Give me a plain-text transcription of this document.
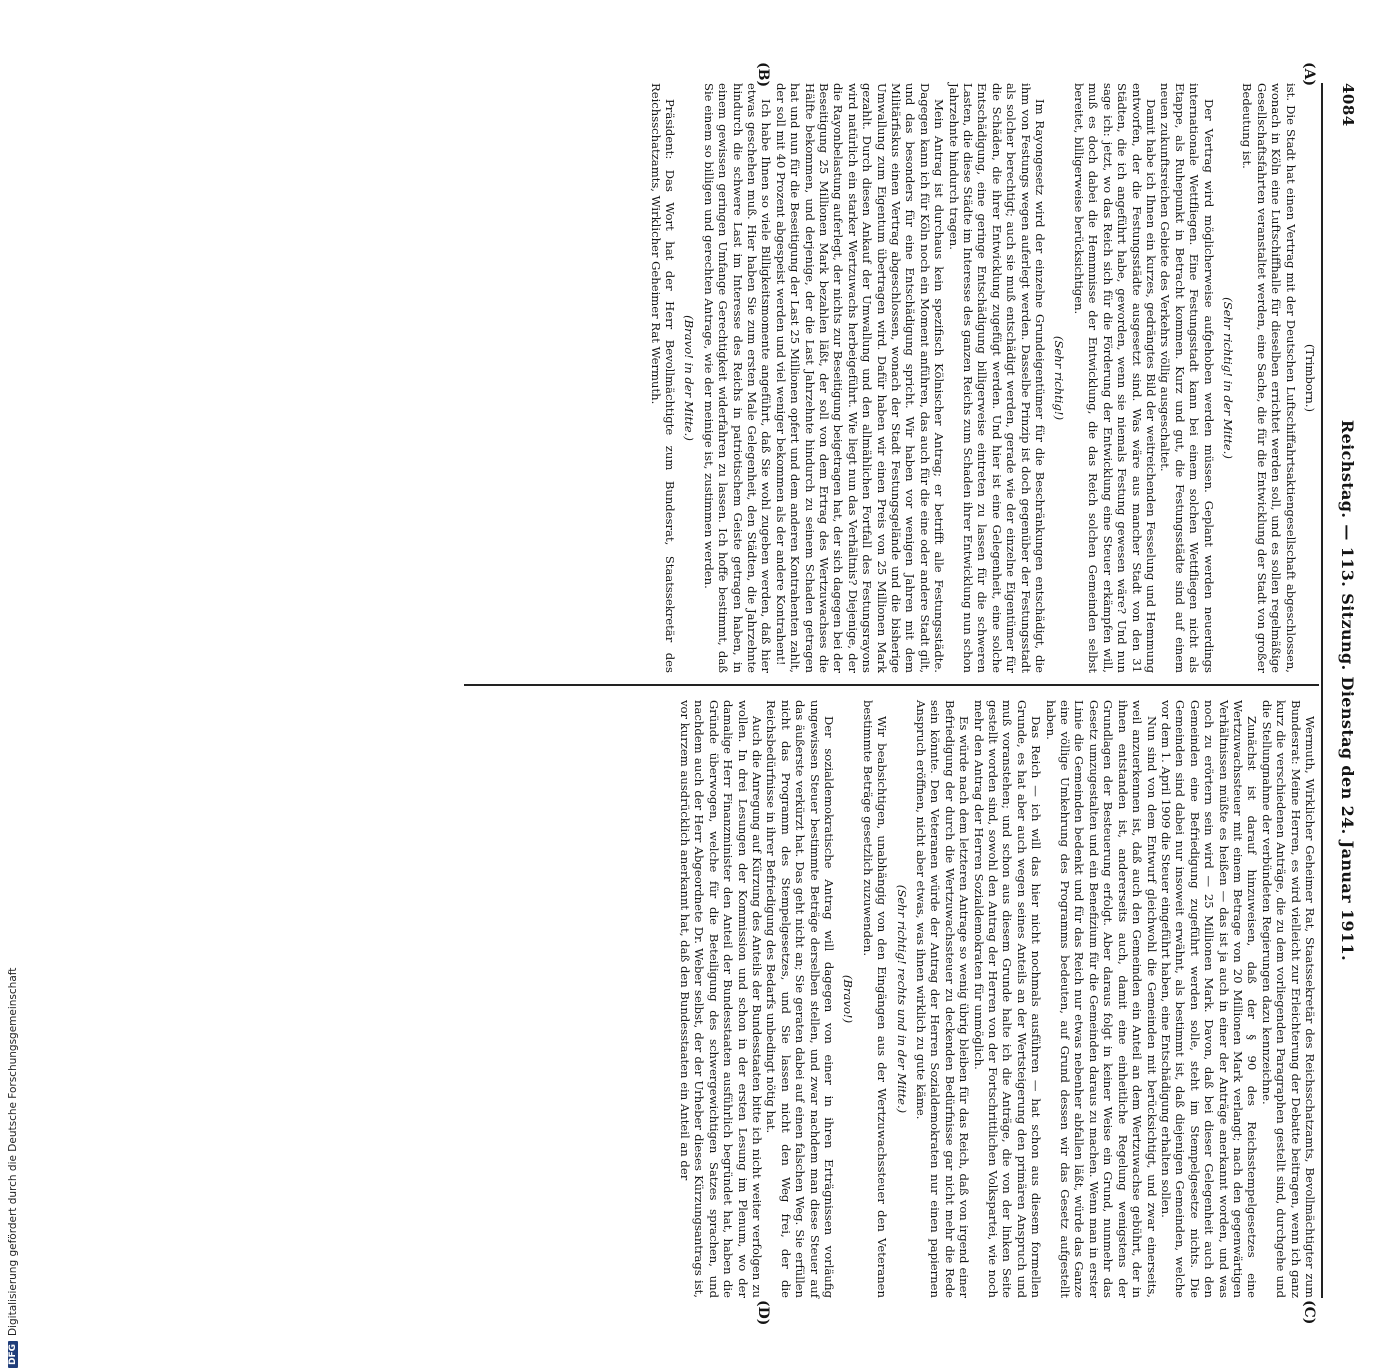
4084
Reichstag. — 113. Sitzung. Dienstag den 24. Januar 1911.
(A)
(B)
(C)
(D)
(Trimborn.)

ist. Die Stadt hat einen Vertrag mit der Deutschen Luftschiffahrtsaktiengesellschaft abgeschlossen, wonach in Köln eine Luftschiffhalle für dieselben errichtet werden soll, und es sollen regelmäßige Gesellschaftsfahrten veranstaltet werden, eine Sache, die für die Entwicklung der Stadt von großer Bedeutung ist.

(Sehr richtig! in der Mitte.)

Der Vertrag wird möglicherweise aufgehoben werden müssen. Geplant werden neuerdings internationale Wettfliegen. Eine Festungsstadt kann bei einem solchen Wettfliegen nicht als Etappe, als Ruhepunkt in Betracht kommen. Kurz und gut, die Festungsstädte sind auf einem neuen zukunftsreichen Gebiete des Verkehrs völlig ausgeschaltet.

Damit habe ich Ihnen ein kurzes, gedrängtes Bild der weitreichenden Fesselung und Hemmung entworfen, der die Festungsstädte ausgesetzt sind. Was wäre aus mancher Stadt von den 31 Städten, die ich angeführt habe, geworden, wenn sie niemals Festung gewesen wäre? Und nun sage ich: jetzt, wo das Reich sich für die Förderung der Entwicklung eine Steuer erkämpfen will, muß es doch dabei die Hemmnisse der Entwicklung, die das Reich solchen Gemeinden selbst bereitet, billigerweise berücksichtigen.

(Sehr richtig!)

Im Rayongesetz wird der einzelne Grundeigentümer für die Beschränkungen entschädigt, die ihm von Festungs wegen auferlegt werden. Dasselbe Prinzip ist doch gegenüber der Festungsstadt als solcher berechtigt; auch sie muß entschädigt werden, gerade wie der einzelne Eigentümer für die Schäden, die ihrer Entwicklung zugefügt werden. Und hier ist eine Gelegenheit, eine solche Entschädigung, eine geringe Entschädigung billigerweise eintreten zu lassen für die schweren Lasten, die diese Städte im Interesse des ganzen Reichs zum Schaden ihrer Entwicklung nun schon Jahrzehnte hindurch tragen.

Mein Antrag ist durchaus kein spezifisch Kölnischer Antrag; er betrifft alle Festungsstädte. Dagegen kann ich für Köln noch ein Moment anführen, das auch für die eine oder andere Stadt gilt, und das besonders für eine Entschädigung spricht. Wir haben vor wenigen Jahren mit dem Militärfiskus einen Vertrag abgeschlossen, wonach der Stadt Festungsgelände und die bisherige Umwallung zum Eigentum übertragen wird. Dafür haben wir einen Preis von 25 Millionen Mark gezahlt. Durch diesen Ankauf der Umwallung und den allmählichen Fortfall des Festungsrayons wird natürlich ein starker Wertzuwachs herbeigeführt. Wie liegt nun das Verhältnis? Diejenige, der die Rayonbelastung auferlegt, der nichts zur Beseitigung beigetragen hat, der sich dagegen bei der Beseitigung 25 Millionen Mark bezahlen läßt, der soll von dem Ertrag des Wertzuwachses die Hälfte bekommen, und derjenige, der die Last Jahrzehnte hindurch zu seinem Schaden getragen hat und nun für die Beseitigung der Last 25 Millionen opfert und dem anderen Kontrahenten zahlt, der soll mit 40 Prozent abgespeist werden und viel weniger bekommen als der andere Kontrahent!

Ich habe Ihnen so viele Billigkeitsmomente angeführt, daß Sie wohl zugeben werden, daß hier etwas geschehen muß. Hier haben Sie zum ersten Male Gelegenheit, den Städten, die Jahrzehnte hindurch die schwere Last im Interesse des Reichs in patriotischem Geiste getragen haben, in einem gewissen geringen Umfange Gerechtigkeit widerfahren zu lassen. Ich hoffe bestimmt, daß Sie einem so billigen und gerechten Antrage, wie der meinige ist, zustimmen werden.

(Bravo! in der Mitte.)

Präsident: Das Wort hat der Herr Bevollmächtigte zum Bundesrat, Staatssekretär des Reichsschatzamts, Wirklicher Geheimer Rat Wermuth.

Wermuth, Wirklicher Geheimer Rat, Staatssekretär des Reichsschatzamts, Bevollmächtigter zum Bundesrat: Meine Herren, es wird vielleicht zur Erleichterung der Debatte beitragen, wenn ich ganz kurz die verschiedenen Anträge, die zu dem vorliegenden Paragraphen gestellt sind, durchgehe und die Stellungnahme der verbündeten Regierungen dazu kennzeichne.

Zunächst ist darauf hinzuweisen, daß der § 90 des Reichsstempelgesetzes eine Wertzuwachssteuer mit einem Betrage von 20 Millionen Mark verlangt; nach den gegenwärtigen Verhältnissen müßte es heißen — das ist ja auch in einer der Anträge anerkannt worden, und was noch zu erörtern sein wird — 25 Millionen Mark. Davon, daß bei dieser Gelegenheit auch den Gemeinden eine Befriedigung zugeführt werden solle, steht im Stempelgesetze nichts. Die Gemeinden sind dabei nur insoweit erwähnt, als bestimmt ist, daß diejenigen Gemeinden, welche vor dem 1. April 1909 die Steuer eingeführt haben, eine Entschädigung erhalten sollen.

Nun sind von dem Entwurf gleichwohl die Gemeinden mit berücksichtigt, und zwar einerseits, weil anzuerkennen ist, daß auch den Gemeinden ein Anteil an dem Wertzuwachse gebührt, der in ihnen entstanden ist, andererseits auch, damit eine einheitliche Regelung wenigstens der Grundlagen der Besteuerung erfolgt. Aber daraus folgt in keiner Weise ein Grund, nunmehr das Gesetz umzugestalten und ein Benefizium für die Gemeinden daraus zu machen. Wenn man in erster Linie die Gemeinden bedenkt und für das Reich nur etwas nebenher abfallen läßt, würde das Ganze eine völlige Umkehrung des Programms bedeuten, auf Grund dessen wir das Gesetz aufgestellt haben.

Das Reich — ich will das hier nicht nochmals ausführen — hat schon aus diesem formellen Grunde, es hat aber auch wegen seines Anteils an der Wertsteigerung den primären Anspruch und muß voranstehen; und schon aus diesem Grunde halte ich die Anträge, die von der linken Seite gestellt worden sind, sowohl den Antrag der Herren von der Fortschrittlichen Volkspartei, wie noch mehr den Antrag der Herren Sozialdemokraten für unmöglich.

Es würde nach dem letzteren Antrage so wenig übrig bleiben für das Reich, daß von irgend einer Befriedigung der durch die Wertzuwachssteuer zu deckenden Bedürfnisse gar nicht mehr die Rede sein könnte. Den Veteranen würde der Antrag der Herren Sozialdemokraten nur einen papiernen Anspruch eröffnen, nicht aber etwas, was ihnen wirklich zu gute käme.

(Sehr richtig! rechts und in der Mitte.)

Wir beabsichtigen, unabhängig von den Eingängen aus der Wertzuwachssteuer den Veteranen bestimmte Beträge gesetzlich zuzuwenden.

(Bravo!)

Der sozialdemokratische Antrag will dagegen von einer in ihren Erträgnissen vorläufig ungewissen Steuer bestimmte Beträge derselben stellen, und zwar nachdem man diese Steuer auf das äußerste verkürzt hat. Das geht nicht an; Sie geraten dabei auf einen falschen Weg. Sie erfüllen nicht das Programm des Stempelgesetzes, und Sie lassen nicht den Weg frei, der die Reichsbedürfnisse in ihrer Befriedigung des Bedarfs unbedingt nötig hat.

Auch die Anregung auf Kürzung des Anteils der Bundesstaaten bitte ich nicht weiter verfolgen zu wollen. In drei Lesungen der Kommission und schon in der ersten Lesung im Plenum, wo der damalige Herr Finanzminister den Anteil der Bundesstaaten ausführlich begründet hat, haben die Gründe überwogen, welche für die Beteiligung des schwergewichtigen Satzes sprachen, und nachdem auch der Herr Abgeordnete Dr. Weber selbst, der der Urheber dieses Kürzungsantrags ist, vor kurzem ausdrücklich anerkannt hat, daß den Bundesstaaten ein Anteil an der

DFGDigitalisierung gefördert durch die Deutsche Forschungsgemeinschaft
